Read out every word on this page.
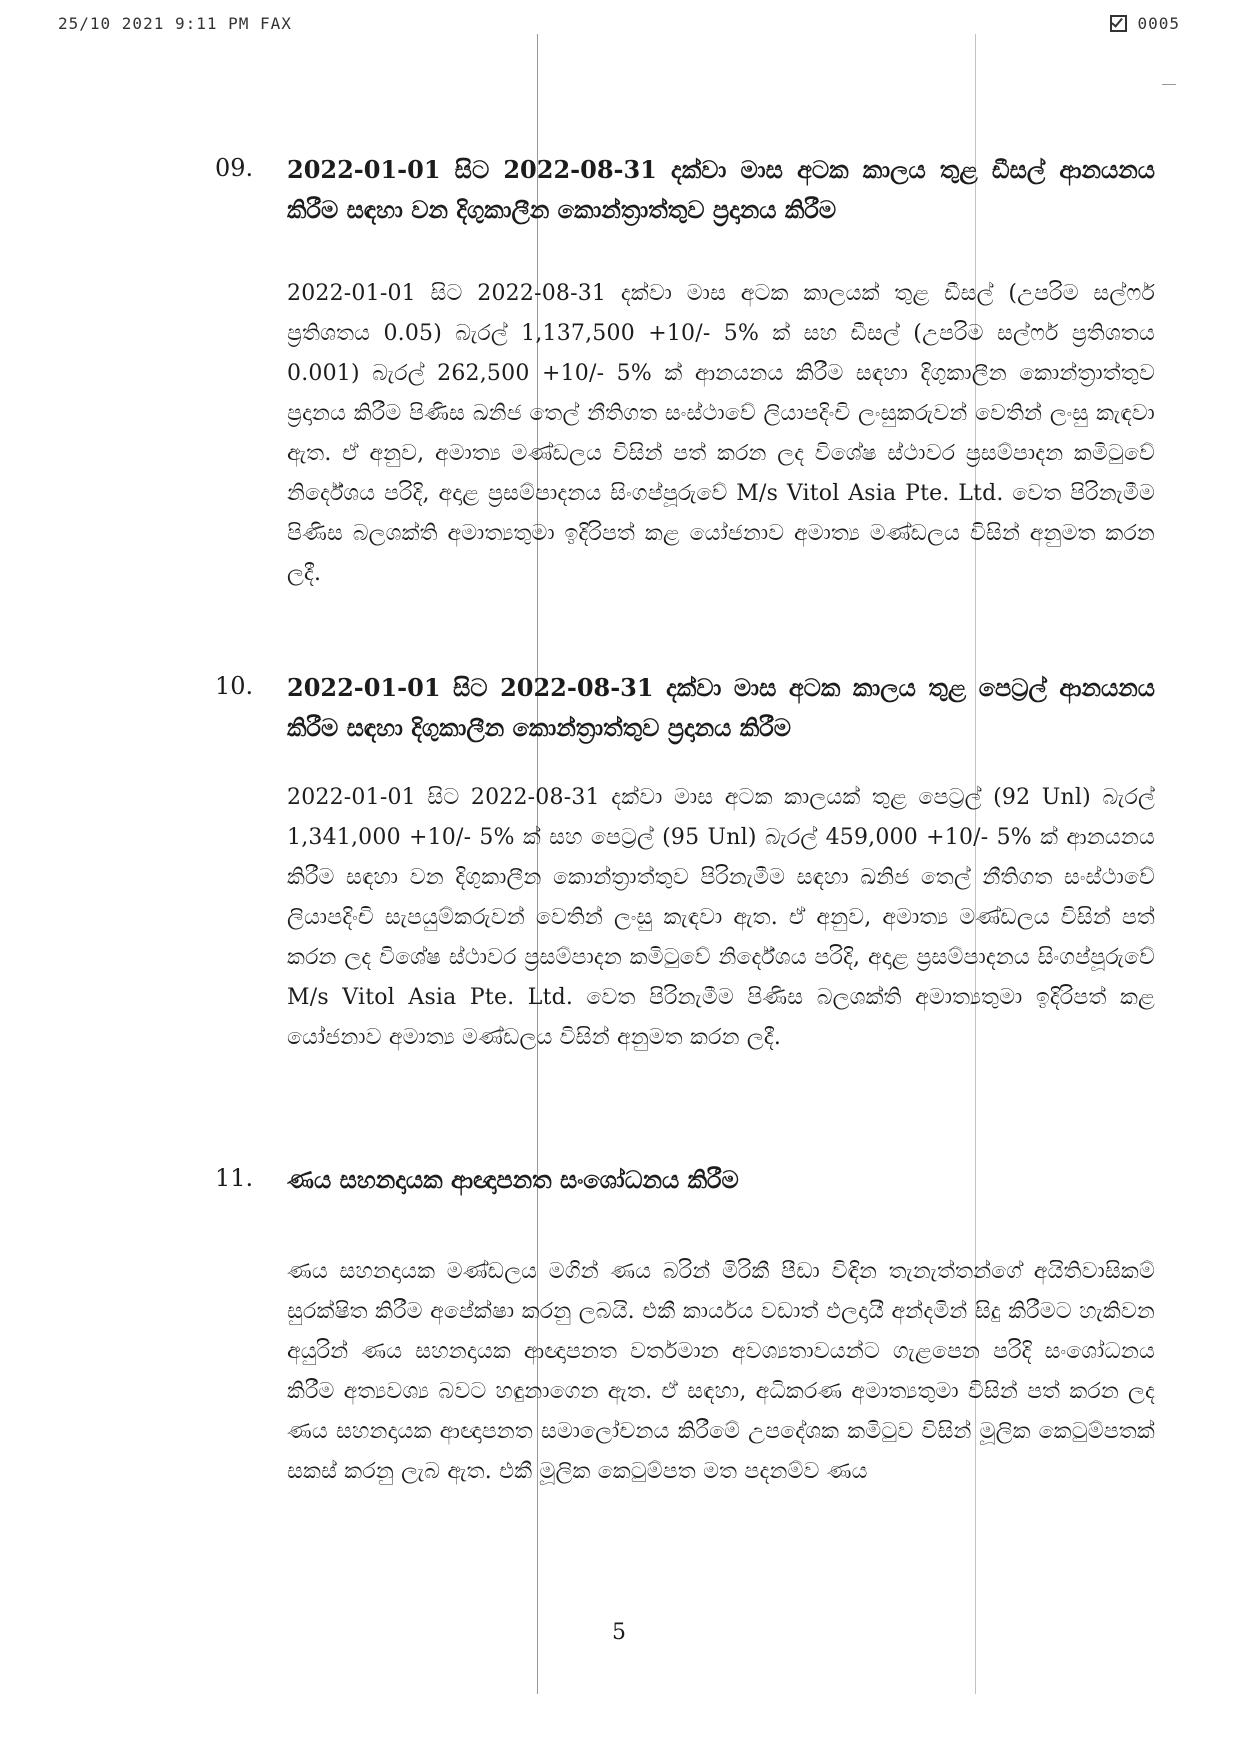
25/10 2021 9:11 PM FAX	0005
09. 2022-01-01 සිට 2022-08-31 දක්වා මාස අටක කාලය තුළ ඩීසල් ආනයනය කිරීම සඳහා වන දිගුකාලීන කොන්ත්‍රාත්තුව ප්‍රදානය කිරීම
2022-01-01 සිට 2022-08-31 දක්වා මාස අටක කාලයක් තුළ ඩීසල් (උපරිම සල්ෆර් ප්‍රතිශතය 0.05) බැරල් 1,137,500 +10/- 5% ක් සහ ඩීසල් (උපරිම සල්ෆර් ප්‍රතිශතය 0.001) බැරල් 262,500 +10/- 5% ක් ආනයනය කිරීම සඳහා දිගුකාලීන කොන්ත්‍රාත්තුව ප්‍රදානය කිරීම පිණිස ඛනිජ තෙල් නීතිගත සංස්ථාවේ ලියාපදිංචි ලංසුකරුවන් වෙතින් ලංසු කැඳවා ඇත. ඒ අනුව, අමාත්‍ය මණ්ඩලය විසින් පත් කරන ලද විශේෂ ස්ථාවර ප්‍රසම්පාදන කමිටුවේ නිර්දේශය පරිදි, අදාළ ප්‍රසම්පාදනය සිංගප්පූරුවේ M/s Vitol Asia Pte. Ltd. වෙත පිරිනැමීම පිණිස බලශක්ති අමාත්‍යතුමා ඉදිරිපත් කළ යෝජනාව අමාත්‍ය මණ්ඩලය විසින් අනුමත කරන ලදී.
10. 2022-01-01 සිට 2022-08-31 දක්වා මාස අටක කාලය තුළ පෙට්‍රල් ආනයනය කිරීම සඳහා දිගුකාලීන කොන්ත්‍රාත්තුව ප්‍රදානය කිරීම
2022-01-01 සිට 2022-08-31 දක්වා මාස අටක කාලයක් තුළ පෙට්‍රල් (92 Unl) බැරල් 1,341,000 +10/- 5% ක් සහ පෙට්‍රල් (95 Unl) බැරල් 459,000 +10/- 5% ක් ආනයනය කිරීම සඳහා වන දිගුකාලීන කොන්ත්‍රාත්තුව පිරිනැමීම සඳහා ඛනිජ තෙල් නීතිගත සංස්ථාවේ ලියාපදිංචි සැපයුම්කරුවන් වෙතින් ලංසු කැඳවා ඇත. ඒ අනුව, අමාත්‍ය මණ්ඩලය විසින් පත් කරන ලද විශේෂ ස්ථාවර ප්‍රසම්පාදන කමිටුවේ නිර්දේශය පරිදි, අදාළ ප්‍රසම්පාදනය සිංගප්පූරුවේ M/s Vitol Asia Pte. Ltd. වෙත පිරිනැමීම පිණිස බලශක්ති අමාත්‍යතුමා ඉදිරිපත් කළ යෝජනාව අමාත්‍ය මණ්ඩලය විසින් අනුමත කරන ලදී.
11. ණය සහනදායක ආඥාපනත සංශෝධනය කිරීම
ණය සහනදායක මණ්ඩලය මගින් ණය බරින් මිරිකී පීඩා විඳින තැනැත්තන්ගේ අයිතිවාසිකම් සුරක්ෂිත කිරීම අපේක්ෂා කරනු ලබයි. එකී කාර්යය වඩාත් ඵලදායී අන්දමින් සිදු කිරීමට හැකිවන අයුරින් ණය සහනදායක ආඥාපනත වර්තමාන අවශ්‍යතාවයන්ට ගැළපෙන පරිදි සංශෝධනය කිරීම අත්‍යවශ්‍ය බවට හඳුනාගෙන ඇත. ඒ සඳහා, අධිකරණ අමාත්‍යතුමා විසින් පත් කරන ලද ණය සහනදායක ආඥාපනත සමාලෝචනය කිරීමේ උපදේශක කමිටුව විසින් මූලික කෙටුම්පතක් සකස් කරනු ලැබ ඇත. එකී මූලික කෙටුම්පත මත පදනම්ව ණය
5
